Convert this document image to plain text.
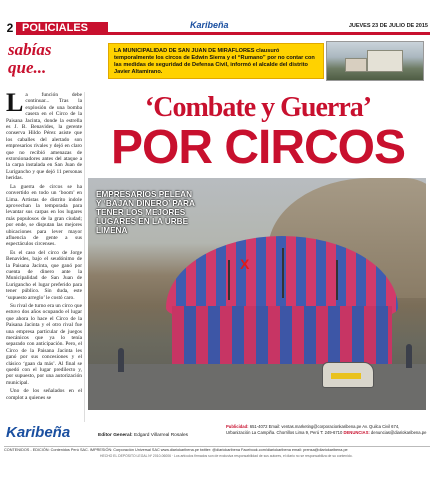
2 POLICIALES	Karibeña	JUEVES 23 DE JULIO DE 2015
sabías
que...
LA MUNICIPALIDAD DE SAN JUAN DE MIRAFLORES clausuró temporalmente los circos de Edwin Sierra y el “Rumano” por no contar con las medidas de seguridad de Defensa Civil, informó el alcalde del distrito Javier Altamirano.
L a función debe continuar... Tras la explosión de una bomba casera en el Circo de la Paisana Jacinta, donde la estrella es J. B. Benavides, la gerente conserva Hildo Pérez asiste que los caballes del alertado son empresarios rivales y dejó en claro que no recibió amenazas de extorsionadores antes del ataque a la carpa instalada en San Juan de Lurigancho y que dejó 11 personas heridas.

La guerra de circos se ha convertido en todo un ‘boom’ en Lima. Artistas de distrito indole aprovechan la temporada para levantar sus carpas en los lugares más populosos de la gran ciudad; por ende, se disputan las mejores ubicaciones para lever mayor afluencia de gente a sus espectáculos circenses.

Es el caso del circo de Jorge Benavides, bajo el seudónimo de la Paisana Jacinta, que ganó por cuenta de dinero ante la Municipalidad de San Juan de Lurigancho el lugar preferido para tener público. Sin duda, este ‘supuesto arreglo’ le costó caro.

Su rival de turno era un circo que estuvo dos años ocupando el lugar que ahora lo hace el Circo de la Paisana Jacinta y el otro rival fue una empresa particular de juegos mecánicos que ya lo tenía separado con anticipación. Pero, el Circo de la Paisana Jacinta les ganó por sus concesiones y el clásico ‘gaan da más’. Al final se quedó con el lugar predilecto y, por supuesto, por una autorización municipal.

Uno de los señalados en el complot a quienes se

‘Combate y Guerra’
POR CIRCOS
X
EMPRESARIOS PELEAN Y ‘BAJAN DINERO’ PARA TENER LOS MEJORES LUGARES EN LA URBE LIMEÑA
Karibeña	Editor General: Edgard Villarreal Rosales
Publicidad: 651-4072 Email: ventas.marketing@corporacionkaribena.pe Av. Quilca Civil 674,
Urbanización La Campiña. Chorrillos Lima 9, Perú T: 249-6710 DENUNCIAS: denuncias@diariokaribena.pe
CONTENIDOS - EDICIÓN: Contenidos Perú SAC. IMPRESIÓN: Corporación Universal SAC www.diariokaribena.pe twitter: @diariokaribena Facebook.com/diariokaribena email: prensa@diariokaribena.pe
HECHO EL DEPÓSITO LEGAL Nº 2010-06006 · Los artículos firmados son de exclusiva responsabilidad de sus autores, el diario no se responsabiliza de su contenido.
